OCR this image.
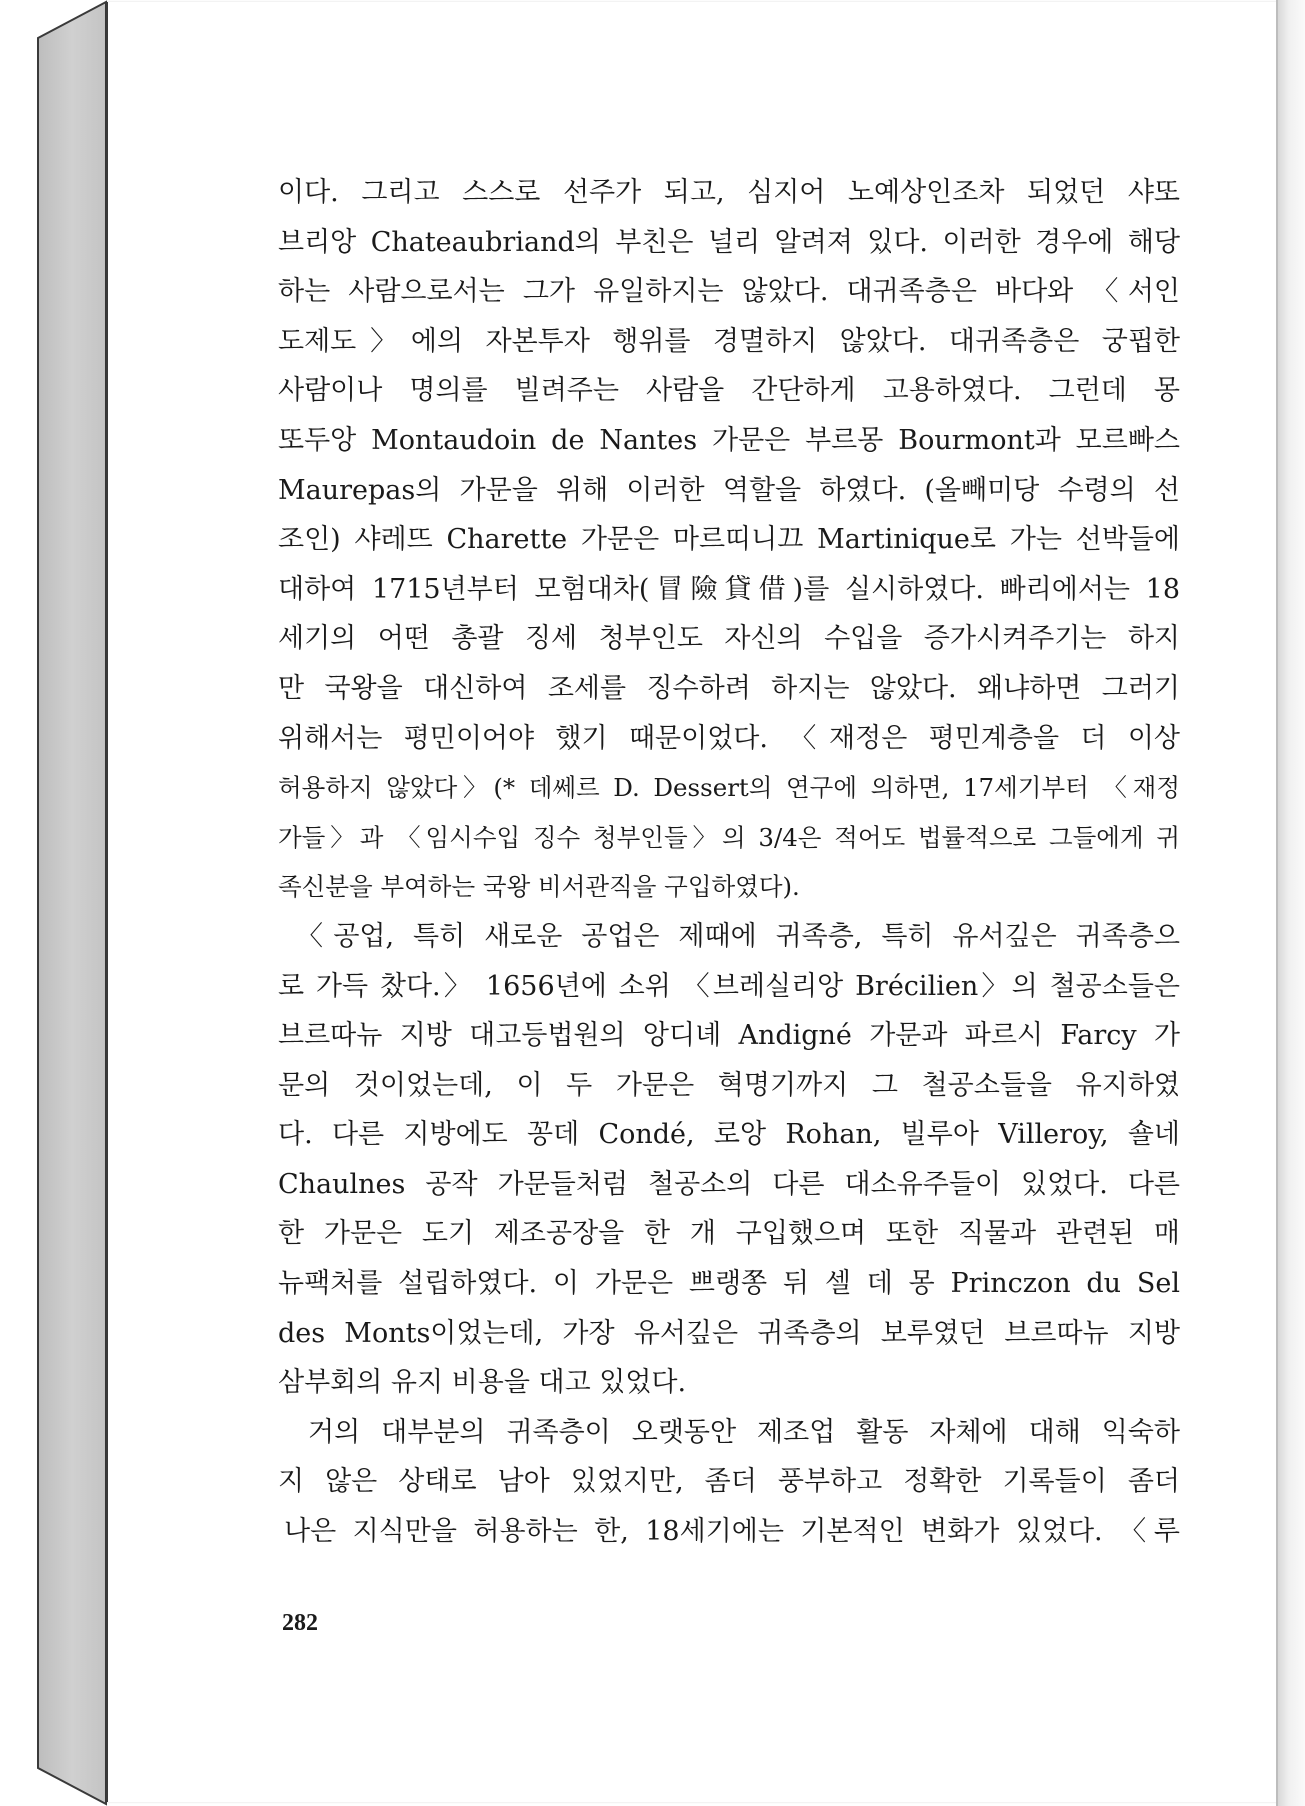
이다. 그리고 스스로 선주가 되고, 심지어 노예상인조차 되었던 샤또
브리앙 Chateaubriand의 부친은 널리 알려져 있다. 이러한 경우에 해당
하는 사람으로서는 그가 유일하지는 않았다. 대귀족층은 바다와 〈서인
도제도〉에의 자본투자 행위를 경멸하지 않았다. 대귀족층은 궁핍한
사람이나 명의를 빌려주는 사람을 간단하게 고용하였다. 그런데 몽
또두앙 Montaudoin de Nantes 가문은 부르몽 Bourmont과 모르빠스
Maurepas의 가문을 위해 이러한 역할을 하였다. (올빼미당 수령의 선
조인) 샤레뜨 Charette 가문은 마르띠니끄 Martinique로 가는 선박들에
대하여 1715년부터 모험대차(冒險貸借)를 실시하였다. 빠리에서는 18
세기의 어떤 총괄 징세 청부인도 자신의 수입을 증가시켜주기는 하지
만 국왕을 대신하여 조세를 징수하려 하지는 않았다. 왜냐하면 그러기
위해서는 평민이어야 했기 때문이었다. 〈재정은 평민계층을 더 이상
허용하지 않았다〉(* 데쎄르 D. Dessert의 연구에 의하면, 17세기부터 〈재정
가들〉과 〈임시수입 징수 청부인들〉의 3/4은 적어도 법률적으로 그들에게 귀
족신분을 부여하는 국왕 비서관직을 구입하였다).
〈공업, 특히 새로운 공업은 제때에 귀족층, 특히 유서깊은 귀족층으
로 가득 찼다.〉 1656년에 소위 〈브레실리앙 Brécilien〉의 철공소들은
브르따뉴 지방 대고등법원의 앙디녜 Andigné 가문과 파르시 Farcy 가
문의 것이었는데, 이 두 가문은 혁명기까지 그 철공소들을 유지하였
다. 다른 지방에도 꽁데 Condé, 로앙 Rohan, 빌루아 Villeroy, 숄네
Chaulnes 공작 가문들처럼 철공소의 다른 대소유주들이 있었다. 다른
한 가문은 도기 제조공장을 한 개 구입했으며 또한 직물과 관련된 매
뉴팩처를 설립하였다. 이 가문은 쁘랭쫑 뒤 셀 데 몽 Princzon du Sel
des Monts이었는데, 가장 유서깊은 귀족층의 보루였던 브르따뉴 지방
삼부회의 유지 비용을 대고 있었다.
거의 대부분의 귀족층이 오랫동안 제조업 활동 자체에 대해 익숙하
지 않은 상태로 남아 있었지만, 좀더 풍부하고 정확한 기록들이 좀더
나은 지식만을 허용하는 한, 18세기에는 기본적인 변화가 있었다. 〈루
282
